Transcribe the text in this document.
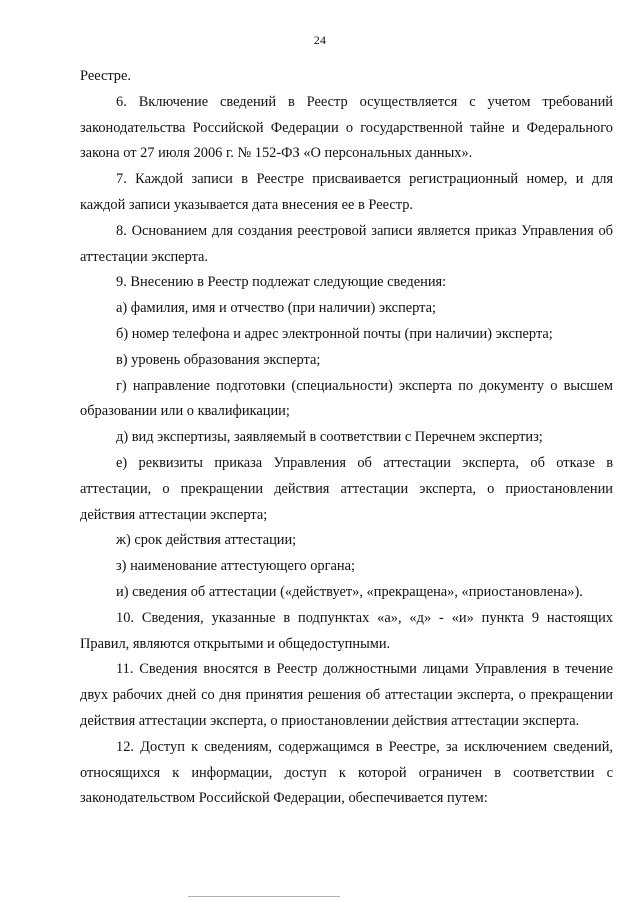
24

Реестре.

6. Включение сведений в Реестр осуществляется с учетом требований законодательства Российской Федерации о государственной тайне и Федерального закона от 27 июля 2006 г. № 152-ФЗ «О персональных данных».

7. Каждой записи в Реестре присваивается регистрационный номер, и для каждой записи указывается дата внесения ее в Реестр.

8. Основанием для создания реестровой записи является приказ Управления об аттестации эксперта.

9. Внесению в Реестр подлежат следующие сведения:

а) фамилия, имя и отчество (при наличии) эксперта;

б) номер телефона и адрес электронной почты (при наличии) эксперта;

в) уровень образования эксперта;

г) направление подготовки (специальности) эксперта по документу о высшем образовании или о квалификации;

д) вид экспертизы, заявляемый в соответствии с Перечнем экспертиз;

е) реквизиты приказа Управления об аттестации эксперта, об отказе в аттестации, о прекращении действия аттестации эксперта, о приостановлении действия аттестации эксперта;

ж) срок действия аттестации;

з) наименование аттестующего органа;

и) сведения об аттестации («действует», «прекращена», «приостановлена»).

10. Сведения, указанные в подпунктах «а», «д» - «и» пункта 9 настоящих Правил, являются открытыми и общедоступными.

11. Сведения вносятся в Реестр должностными лицами Управления в течение двух рабочих дней со дня принятия решения об аттестации эксперта, о прекращении действия аттестации эксперта, о приостановлении действия аттестации эксперта.

12. Доступ к сведениям, содержащимся в Реестре, за исключением сведений, относящихся к информации, доступ к которой ограничен в соответствии с законодательством Российской Федерации, обеспечивается путем:
